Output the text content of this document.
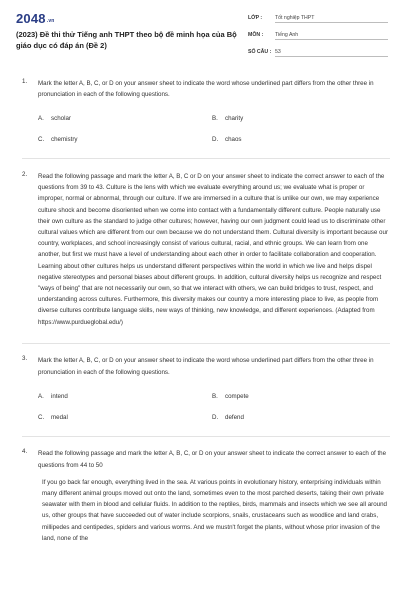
2048.vn
(2023) Đề thi thử Tiếng anh THPT theo bộ đề minh họa của Bộ giáo dục có đáp án (Đề 2)
LỚP :	Tốt nghiệp THPT
MÔN :	Tiếng Anh
SỐ CÂU : 53
1. Mark the letter A, B, C, or D on your answer sheet to indicate the word whose underlined part differs from the other three in pronunciation in each of the following questions.
A.	scholar	B.	charity
C.	chemistry	D.	chaos
2. Read the following passage and mark the letter A, B, C or D on your answer sheet to indicate the correct answer to each of the questions from 39 to 43. Culture is the lens with which we evaluate everything around us; we evaluate what is proper or improper, normal or abnormal, through our culture. If we are immersed in a culture that is unlike our own, we may experience culture shock and become disoriented when we come into contact with a fundamentally different culture. People naturally use their own culture as the standard to judge other cultures; however, having our own judgment could lead us to discriminate other cultural values which are different from our own because we do not understand them. Cultural diversity is important because our country, workplaces, and school increasingly consist of various cultural, racial, and ethnic groups. We can learn from one another, but first we must have a level of understanding about each other in order to facilitate collaboration and cooperation. Learning about other cultures helps us understand different perspectives within the world in which we live and helps dispel negative stereotypes and personal biases about different groups. In addition, cultural diversity helps us recognize and respect "ways of being" that are not necessarily our own, so that we interact with others, we can build bridges to trust, respect, and understanding across cultures. Furthermore, this diversity makes our country a more interesting place to live, as people from diverse cultures contribute language skills, new ways of thinking, new knowledge, and different experiences. (Adapted from https://www.purdueglobal.edu/)
3. Mark the letter A, B, C, or D on your answer sheet to indicate the word whose underlined part differs from the other three in pronunciation in each of the following questions.
A.	intend	B.	compete
C.	medal	D.	defend
4. Read the following passage and mark the letter A, B, C, or D on your answer sheet to indicate the correct answer to each of the questions from 44 to 50
If you go back far enough, everything lived in the sea. At various points in evolutionary history, enterprising individuals within many different animal groups moved out onto the land, sometimes even to the most parched deserts, taking their own private seawater with them in blood and cellular fluids. In addition to the reptiles, birds, mammals and insects which we see all around us, other groups that have succeeded out of water include scorpions, snails, crustaceans such as woodlice and land crabs, millipedes and centipedes, spiders and various worms. And we mustn't forget the plants, without whose prior invasion of the land, none of the
